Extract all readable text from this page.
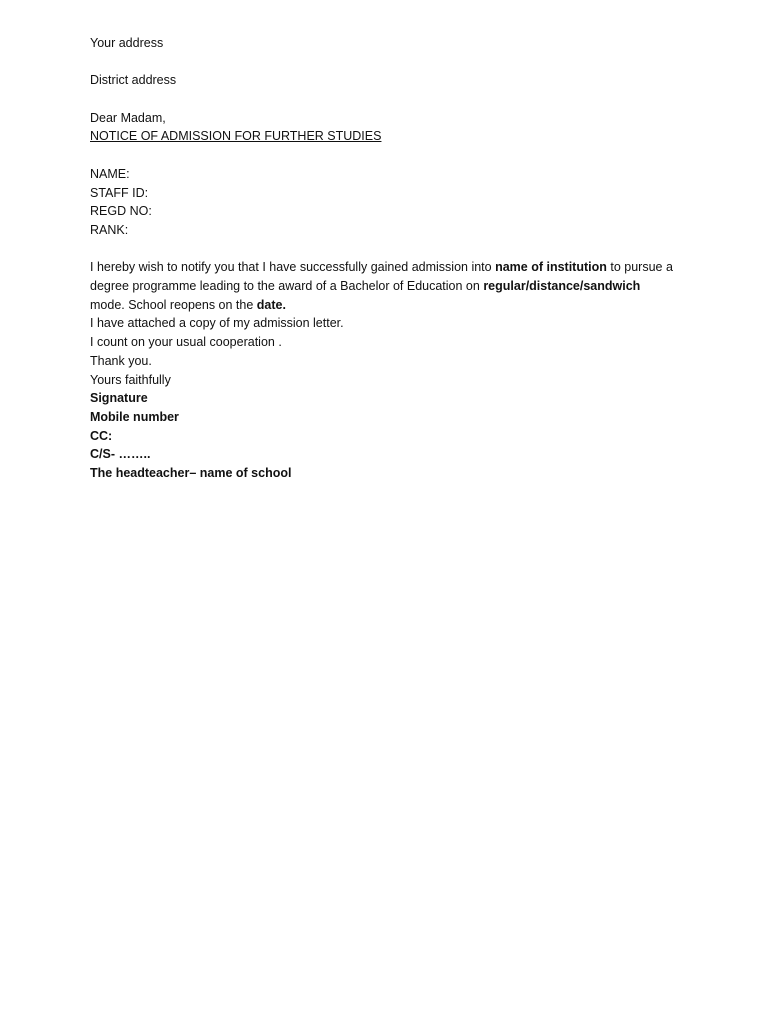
Your address
District address
Dear Madam,
NOTICE OF ADMISSION FOR FURTHER STUDIES
NAME:
STAFF ID:
REGD NO:
RANK:
I hereby wish to notify you that I have successfully gained admission into name of institution to pursue a degree programme leading to the award of a Bachelor of Education on regular/distance/sandwich mode. School reopens on the date.
I have attached a copy of my admission letter.
I count on your usual cooperation .
Thank you.
Yours faithfully
Signature
Mobile number
CC:
C/S- ……..
The headteacher– name of school
